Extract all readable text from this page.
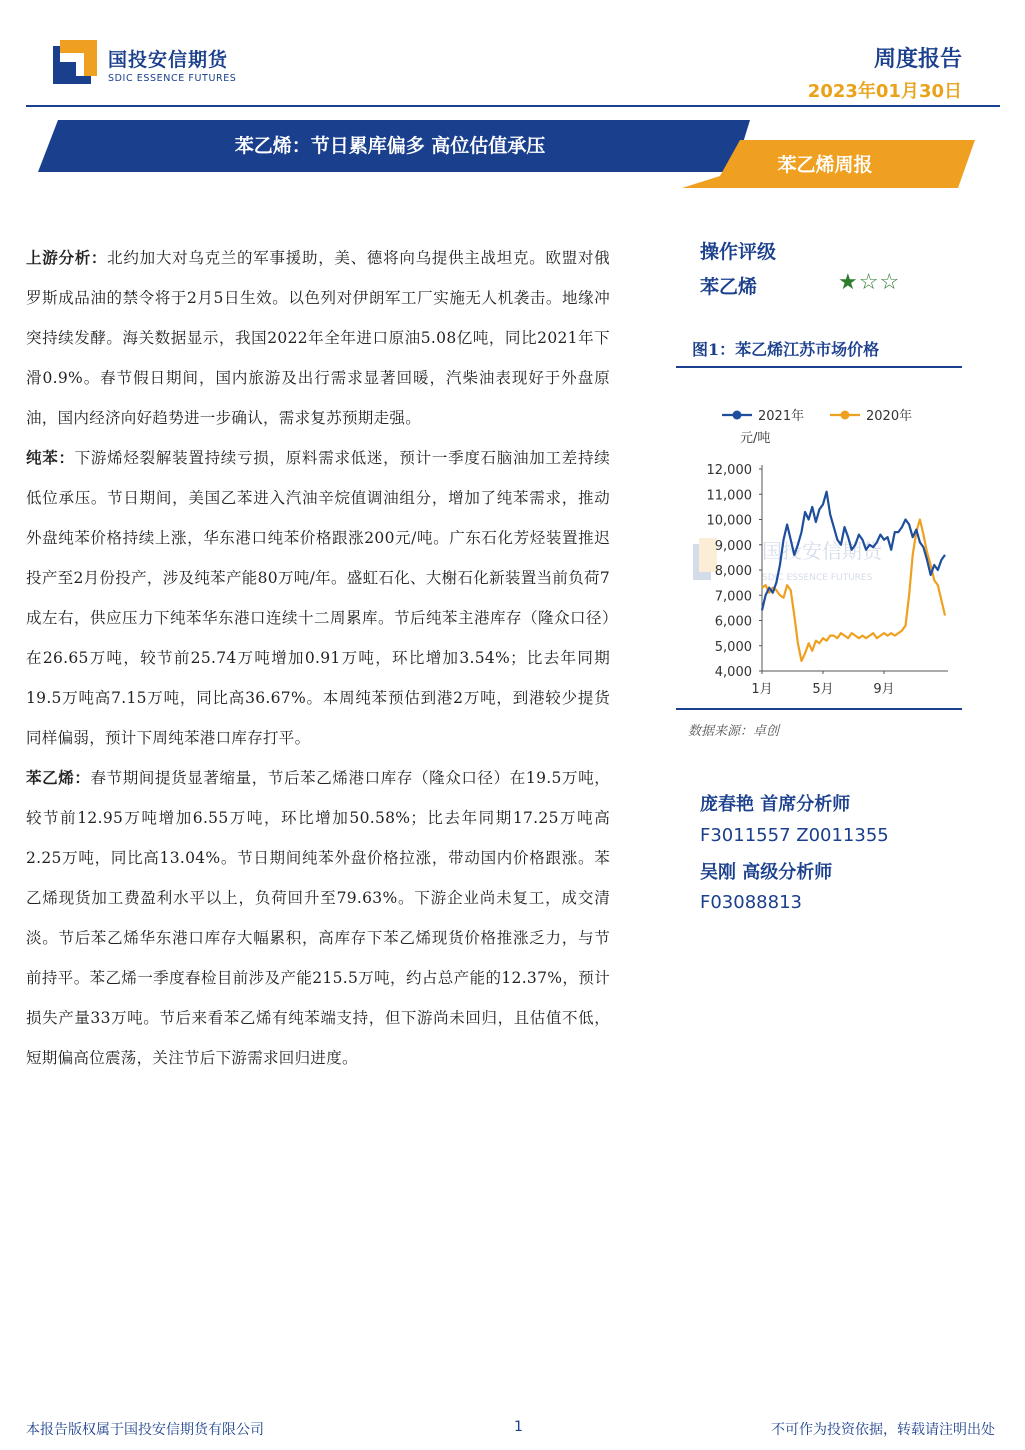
国投安信期货
SDIC ESSENCE FUTURES
周度报告
2023年01月30日
苯乙烯：节日累库偏多 高位估值承压
苯乙烯周报

上游分析：北约加大对乌克兰的军事援助，美、德将向乌提供主战坦克。欧盟对俄罗斯成品油的禁令将于2月5日生效。以色列对伊朗军工厂实施无人机袭击。地缘冲突持续发酵。海关数据显示，我国2022年全年进口原油5.08亿吨，同比2021年下滑0.9%。春节假日期间，国内旅游及出行需求显著回暖，汽柴油表现好于外盘原油，国内经济向好趋势进一步确认，需求复苏预期走强。

纯苯：下游烯烃裂解装置持续亏损，原料需求低迷，预计一季度石脑油加工差持续低位承压。节日期间，美国乙苯进入汽油辛烷值调油组分，增加了纯苯需求，推动外盘纯苯价格持续上涨，华东港口纯苯价格跟涨200元/吨。广东石化芳烃装置推迟投产至2月份投产，涉及纯苯产能80万吨/年。盛虹石化、大榭石化新装置当前负荷7成左右，供应压力下纯苯华东港口连续十二周累库。节后纯苯主港库存（隆众口径）在26.65万吨，较节前25.74万吨增加0.91万吨，环比增加3.54%；比去年同期19.5万吨高7.15万吨，同比高36.67%。本周纯苯预估到港2万吨，到港较少提货同样偏弱，预计下周纯苯港口库存打平。

苯乙烯：春节期间提货显著缩量，节后苯乙烯港口库存（隆众口径）在19.5万吨，较节前12.95万吨增加6.55万吨，环比增加50.58%；比去年同期17.25万吨高2.25万吨，同比高13.04%。节日期间纯苯外盘价格拉涨，带动国内价格跟涨。苯乙烯现货加工费盈利水平以上，负荷回升至79.63%。下游企业尚未复工，成交清淡。节后苯乙烯华东港口库存大幅累积，高库存下苯乙烯现货价格推涨乏力，与节前持平。苯乙烯一季度春检目前涉及产能215.5万吨，约占总产能的12.37%，预计损失产量33万吨。节后来看苯乙烯有纯苯端支持，但下游尚未回归，且估值不低，短期偏高位震荡，关注节后下游需求回归进度。

操作评级
苯乙烯	★☆☆
图1：苯乙烯江苏市场价格
2021年	2020年
元/吨
国投安信期货
SDIC ESSENCE FUTURES
4,000
5,000
6,000
7,000
8,000
9,000
10,000
11,000
12,000
1月	5月	9月
数据来源：卓创
庞春艳 首席分析师
F3011557 Z0011355
吴刚 高级分析师
F03088813
本报告版权属于国投安信期货有限公司	1	不可作为投资依据，转载请注明出处
